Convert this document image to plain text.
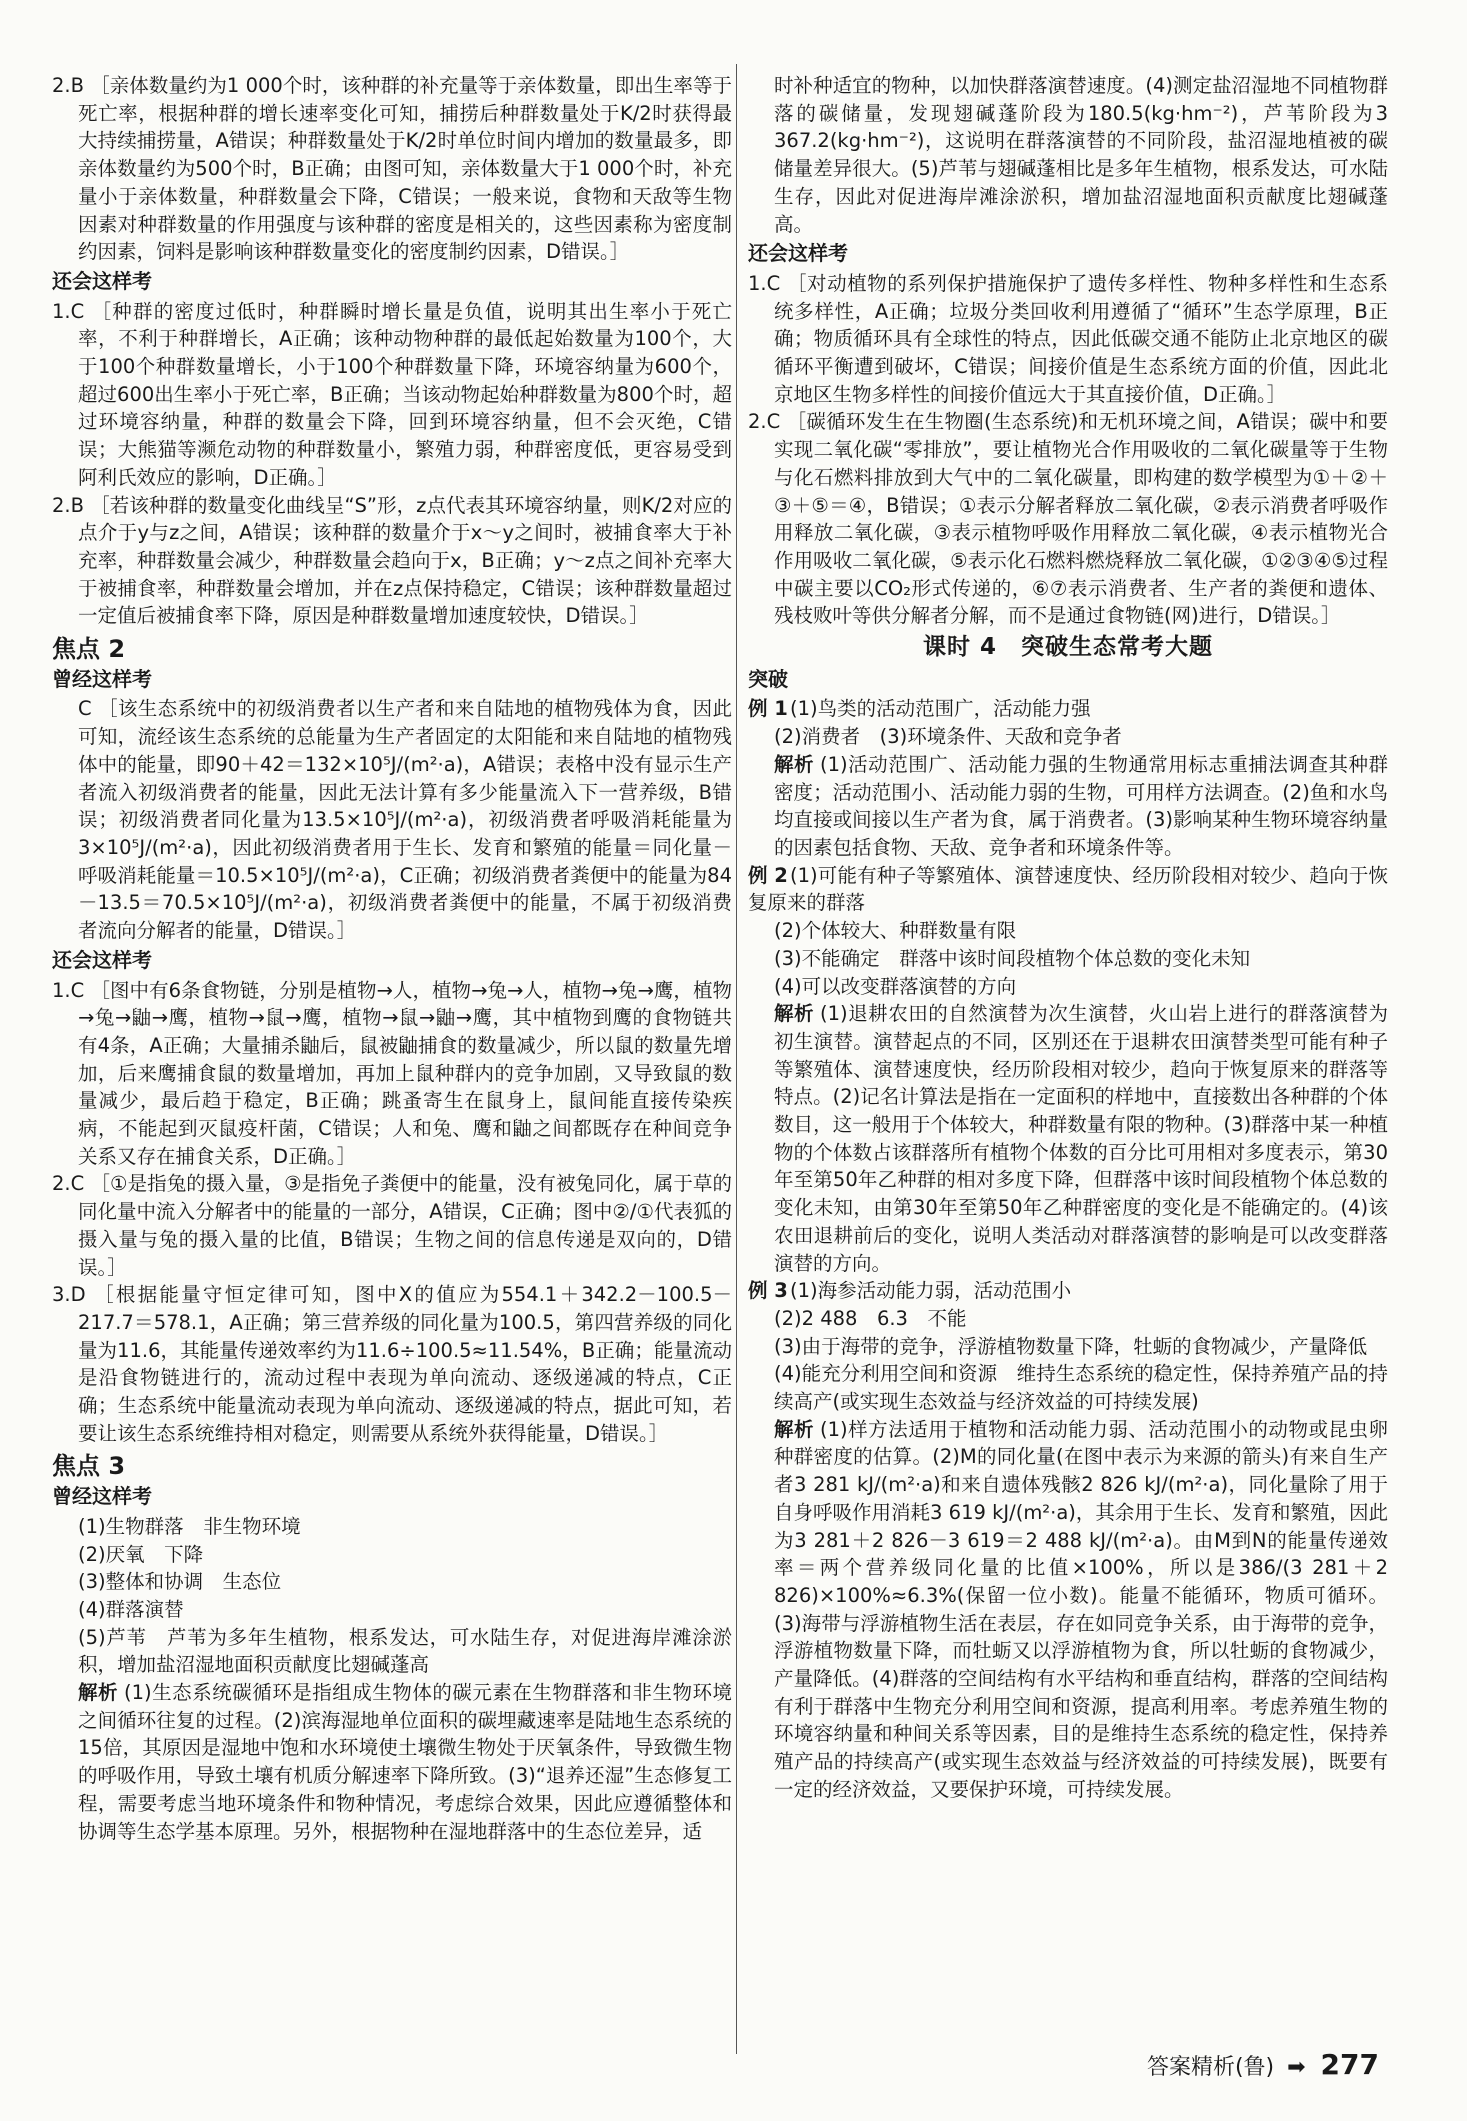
2.B ［亲体数量约为1 000个时，该种群的补充量等于亲体数量，即出生率等于死亡率，根据种群的增长速率变化可知，捕捞后种群数量处于K/2时获得最大持续捕捞量，A错误；种群数量处于K/2时单位时间内增加的数量最多，即亲体数量约为500个时，B正确；由图可知，亲体数量大于1 000个时，补充量小于亲体数量，种群数量会下降，C错误；一般来说，食物和天敌等生物因素对种群数量的作用强度与该种群的密度是相关的，这些因素称为密度制约因素，饲料是影响该种群数量变化的密度制约因素，D错误。］

还会这样考

1.C ［种群的密度过低时，种群瞬时增长量是负值，说明其出生率小于死亡率，不利于种群增长，A正确；该种动物种群的最低起始数量为100个，大于100个种群数量增长，小于100个种群数量下降，环境容纳量为600个，超过600出生率小于死亡率，B正确；当该动物起始种群数量为800个时，超过环境容纳量，种群的数量会下降，回到环境容纳量，但不会灭绝，C错误；大熊猫等濒危动物的种群数量小，繁殖力弱，种群密度低，更容易受到阿利氏效应的影响，D正确。］

2.B ［若该种群的数量变化曲线呈“S”形，z点代表其环境容纳量，则K/2对应的点介于y与z之间，A错误；该种群的数量介于x～y之间时，被捕食率大于补充率，种群数量会减少，种群数量会趋向于x，B正确；y～z点之间补充率大于被捕食率，种群数量会增加，并在z点保持稳定，C错误；该种群数量超过一定值后被捕食率下降，原因是种群数量增加速度较快，D错误。］

焦点 2
曾经这样考

C ［该生态系统中的初级消费者以生产者和来自陆地的植物残体为食，因此可知，流经该生态系统的总能量为生产者固定的太阳能和来自陆地的植物残体中的能量，即90＋42＝132×10⁵J/(m²·a)，A错误；表格中没有显示生产者流入初级消费者的能量，因此无法计算有多少能量流入下一营养级，B错误；初级消费者同化量为13.5×10⁵J/(m²·a)，初级消费者呼吸消耗能量为3×10⁵J/(m²·a)，因此初级消费者用于生长、发育和繁殖的能量＝同化量－呼吸消耗能量＝10.5×10⁵J/(m²·a)，C正确；初级消费者粪便中的能量为84－13.5＝70.5×10⁵J/(m²·a)，初级消费者粪便中的能量，不属于初级消费者流向分解者的能量，D错误。］

还会这样考

1.C ［图中有6条食物链，分别是植物→人，植物→兔→人，植物→兔→鹰，植物→兔→鼬→鹰，植物→鼠→鹰，植物→鼠→鼬→鹰，其中植物到鹰的食物链共有4条，A正确；大量捕杀鼬后，鼠被鼬捕食的数量减少，所以鼠的数量先增加，后来鹰捕食鼠的数量增加，再加上鼠种群内的竞争加剧，又导致鼠的数量减少，最后趋于稳定，B正确；跳蚤寄生在鼠身上，鼠间能直接传染疾病，不能起到灭鼠疫杆菌，C错误；人和兔、鹰和鼬之间都既存在种间竞争关系又存在捕食关系，D正确。］

2.C ［①是指兔的摄入量，③是指免子粪便中的能量，没有被兔同化，属于草的同化量中流入分解者中的能量的一部分，A错误，C正确；图中②/①代表狐的摄入量与兔的摄入量的比值，B错误；生物之间的信息传递是双向的，D错误。］

3.D ［根据能量守恒定律可知，图中X的值应为554.1＋342.2－100.5－217.7＝578.1，A正确；第三营养级的同化量为100.5，第四营养级的同化量为11.6，其能量传递效率约为11.6÷100.5≈11.54%，B正确；能量流动是沿食物链进行的，流动过程中表现为单向流动、逐级递减的特点，C正确；生态系统中能量流动表现为单向流动、逐级递减的特点，据此可知，若要让该生态系统维持相对稳定，则需要从系统外获得能量，D错误。］

焦点 3
曾经这样考

(1)生物群落　非生物环境

(2)厌氧　下降

(3)整体和协调　生态位

(4)群落演替

(5)芦苇　芦苇为多年生植物，根系发达，可水陆生存，对促进海岸滩涂淤积，增加盐沼湿地面积贡献度比翅碱蓬高

解析 (1)生态系统碳循环是指组成生物体的碳元素在生物群落和非生物环境之间循环往复的过程。(2)滨海湿地单位面积的碳埋藏速率是陆地生态系统的15倍，其原因是湿地中饱和水环境使土壤微生物处于厌氧条件，导致微生物的呼吸作用，导致土壤有机质分解速率下降所致。(3)“退养还湿”生态修复工程，需要考虑当地环境条件和物种情况，考虑综合效果，因此应遵循整体和协调等生态学基本原理。另外，根据物种在湿地群落中的生态位差异，适

时补种适宜的物种，以加快群落演替速度。(4)测定盐沼湿地不同植物群落的碳储量，发现翅碱蓬阶段为180.5(kg·hm⁻²)，芦苇阶段为3 367.2(kg·hm⁻²)，这说明在群落演替的不同阶段，盐沼湿地植被的碳储量差异很大。(5)芦苇与翅碱蓬相比是多年生植物，根系发达，可水陆生存，因此对促进海岸滩涂淤积，增加盐沼湿地面积贡献度比翅碱蓬高。

还会这样考

1.C ［对动植物的系列保护措施保护了遗传多样性、物种多样性和生态系统多样性，A正确；垃圾分类回收利用遵循了“循环”生态学原理，B正确；物质循环具有全球性的特点，因此低碳交通不能防止北京地区的碳循环平衡遭到破坏，C错误；间接价值是生态系统方面的价值，因此北京地区生物多样性的间接价值远大于其直接价值，D正确。］

2.C ［碳循环发生在生物圈(生态系统)和无机环境之间，A错误；碳中和要实现二氧化碳“零排放”，要让植物光合作用吸收的二氧化碳量等于生物与化石燃料排放到大气中的二氧化碳量，即构建的数学模型为①＋②＋③＋⑤＝④，B错误；①表示分解者释放二氧化碳，②表示消费者呼吸作用释放二氧化碳，③表示植物呼吸作用释放二氧化碳，④表示植物光合作用吸收二氧化碳，⑤表示化石燃料燃烧释放二氧化碳，①②③④⑤过程中碳主要以CO₂形式传递的，⑥⑦表示消费者、生产者的粪便和遗体、残枝败叶等供分解者分解，而不是通过食物链(网)进行，D错误。］

课时 4　突破生态常考大题
突破

例 1 (1)鸟类的活动范围广，活动能力强

(2)消费者　(3)环境条件、天敌和竞争者

解析 (1)活动范围广、活动能力强的生物通常用标志重捕法调查其种群密度；活动范围小、活动能力弱的生物，可用样方法调查。(2)鱼和水鸟均直接或间接以生产者为食，属于消费者。(3)影响某种生物环境容纳量的因素包括食物、天敌、竞争者和环境条件等。

例 2 (1)可能有种子等繁殖体、演替速度快、经历阶段相对较少、趋向于恢复原来的群落

(2)个体较大、种群数量有限

(3)不能确定　群落中该时间段植物个体总数的变化未知

(4)可以改变群落演替的方向

解析 (1)退耕农田的自然演替为次生演替，火山岩上进行的群落演替为初生演替。演替起点的不同，区别还在于退耕农田演替类型可能有种子等繁殖体、演替速度快，经历阶段相对较少，趋向于恢复原来的群落等特点。(2)记名计算法是指在一定面积的样地中，直接数出各种群的个体数目，这一般用于个体较大，种群数量有限的物种。(3)群落中某一种植物的个体数占该群落所有植物个体数的百分比可用相对多度表示，第30年至第50年乙种群的相对多度下降，但群落中该时间段植物个体总数的变化未知，由第30年至第50年乙种群密度的变化是不能确定的。(4)该农田退耕前后的变化，说明人类活动对群落演替的影响是可以改变群落演替的方向。

例 3 (1)海参活动能力弱，活动范围小

(2)2 488　6.3　不能

(3)由于海带的竞争，浮游植物数量下降，牡蛎的食物减少，产量降低

(4)能充分利用空间和资源　维持生态系统的稳定性，保持养殖产品的持续高产(或实现生态效益与经济效益的可持续发展)

解析 (1)样方法适用于植物和活动能力弱、活动范围小的动物或昆虫卵种群密度的估算。(2)M的同化量(在图中表示为来源的箭头)有来自生产者3 281 kJ/(m²·a)和来自遗体残骸2 826 kJ/(m²·a)，同化量除了用于自身呼吸作用消耗3 619 kJ/(m²·a)，其余用于生长、发育和繁殖，因此为3 281＋2 826－3 619＝2 488 kJ/(m²·a)。由M到N的能量传递效率＝两个营养级同化量的比值×100%，所以是386/(3 281＋2 826)×100%≈6.3%(保留一位小数)。能量不能循环，物质可循环。(3)海带与浮游植物生活在表层，存在如同竞争关系，由于海带的竞争，浮游植物数量下降，而牡蛎又以浮游植物为食，所以牡蛎的食物减少，产量降低。(4)群落的空间结构有水平结构和垂直结构，群落的空间结构有利于群落中生物充分利用空间和资源，提高利用率。考虑养殖生物的环境容纳量和种间关系等因素，目的是维持生态系统的稳定性，保持养殖产品的持续高产(或实现生态效益与经济效益的可持续发展)，既要有一定的经济效益，又要保护环境，可持续发展。

答案精析(鲁) ➡ 277
